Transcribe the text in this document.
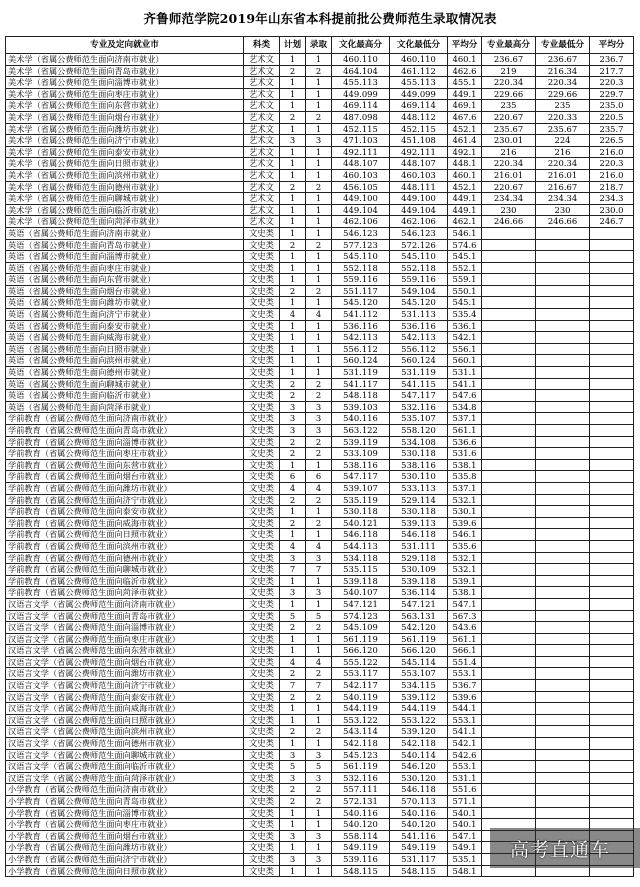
齐鲁师范学院2019年山东省本科提前批公费师范生录取情况表
专业及定向就业市	科类	计划	录取	文化最高分	文化最低分	平均分	专业最高分	专业最低分	平均分
美术学（省属公费师范生面向济南市就业）	艺术文	1	1	460.110	460.110	460.1	236.67	236.67	236.7
美术学（省属公费师范生面向青岛市就业）	艺术文	2	2	464.104	461.112	462.6	219	216.34	217.7
美术学（省属公费师范生面向淄博市就业）	艺术文	1	1	455.113	455.113	455.1	220.34	220.34	220.3
美术学（省属公费师范生面向枣庄市就业）	艺术文	1	1	449.099	449.099	449.1	229.66	229.66	229.7
美术学（省属公费师范生面向东营市就业）	艺术文	1	1	469.114	469.114	469.1	235	235	235.0
美术学（省属公费师范生面向烟台市就业）	艺术文	2	2	487.098	448.112	467.6	220.67	220.33	220.5
美术学（省属公费师范生面向潍坊市就业）	艺术文	1	1	452.115	452.115	452.1	235.67	235.67	235.7
美术学（省属公费师范生面向济宁市就业）	艺术文	3	3	471.103	451.108	461.4	230.01	224	226.5
美术学（省属公费师范生面向泰安市就业）	艺术文	1	1	492.111	492.111	492.1	216	216	216.0
美术学（省属公费师范生面向日照市就业）	艺术文	1	1	448.107	448.107	448.1	220.34	220.34	220.3
美术学（省属公费师范生面向滨州市就业）	艺术文	1	1	460.103	460.103	460.1	216.01	216.01	216.0
美术学（省属公费师范生面向德州市就业）	艺术文	2	2	456.105	448.111	452.1	220.67	216.67	218.7
美术学（省属公费师范生面向聊城市就业）	艺术文	1	1	449.100	449.100	449.1	234.34	234.34	234.3
美术学（省属公费师范生面向临沂市就业）	艺术文	1	1	449.104	449.104	449.1	230	230	230.0
美术学（省属公费师范生面向菏泽市就业）	艺术文	1	1	462.106	462.106	462.1	246.66	246.66	246.7
英语（省属公费师范生面向济南市就业）	文史类	1	1	546.123	546.123	546.1			
英语（省属公费师范生面向青岛市就业）	文史类	2	2	577.123	572.126	574.6			
英语（省属公费师范生面向淄博市就业）	文史类	1	1	545.110	545.110	545.1			
英语（省属公费师范生面向枣庄市就业）	文史类	1	1	552.118	552.118	552.1			
英语（省属公费师范生面向东营市就业）	文史类	1	1	559.116	559.116	559.1			
英语（省属公费师范生面向烟台市就业）	文史类	2	2	551.117	549.104	550.1			
英语（省属公费师范生面向潍坊市就业）	文史类	1	1	545.120	545.120	545.1			
英语（省属公费师范生面向济宁市就业）	文史类	4	4	541.112	531.113	535.4			
英语（省属公费师范生面向泰安市就业）	文史类	1	1	536.116	536.116	536.1			
英语（省属公费师范生面向威海市就业）	文史类	1	1	542.113	542.113	542.1			
英语（省属公费师范生面向日照市就业）	文史类	1	1	556.112	556.112	556.1			
英语（省属公费师范生面向滨州市就业）	文史类	1	1	560.124	560.124	560.1			
英语（省属公费师范生面向德州市就业）	文史类	1	1	531.119	531.119	531.1			
英语（省属公费师范生面向聊城市就业）	文史类	2	2	541.117	541.115	541.1			
英语（省属公费师范生面向临沂市就业）	文史类	2	2	548.118	547.117	547.6			
英语（省属公费师范生面向菏泽市就业）	文史类	3	3	539.103	532.116	534.8			
学前教育（省属公费师范生面向济南市就业）	文史类	3	3	540.116	535.107	537.1			
学前教育（省属公费师范生面向青岛市就业）	文史类	3	3	563.122	558.120	561.1			
学前教育（省属公费师范生面向淄博市就业）	文史类	2	2	539.119	534.108	536.6			
学前教育（省属公费师范生面向枣庄市就业）	文史类	2	2	533.109	530.118	531.6			
学前教育（省属公费师范生面向东营市就业）	文史类	1	1	538.116	538.116	538.1			
学前教育（省属公费师范生面向烟台市就业）	文史类	6	6	547.117	530.110	535.8			
学前教育（省属公费师范生面向潍坊市就业）	文史类	4	4	539.107	533.113	537.1			
学前教育（省属公费师范生面向济宁市就业）	文史类	2	2	535.119	529.114	532.1			
学前教育（省属公费师范生面向泰安市就业）	文史类	1	1	530.118	530.118	530.1			
学前教育（省属公费师范生面向威海市就业）	文史类	2	2	540.121	539.113	539.6			
学前教育（省属公费师范生面向日照市就业）	文史类	1	1	546.118	546.118	546.1			
学前教育（省属公费师范生面向滨州市就业）	文史类	4	4	544.113	531.111	535.6			
学前教育（省属公费师范生面向德州市就业）	文史类	3	3	534.118	529.118	532.1			
学前教育（省属公费师范生面向聊城市就业）	文史类	7	7	535.115	530.109	532.1			
学前教育（省属公费师范生面向临沂市就业）	文史类	1	1	539.118	539.118	539.1			
学前教育（省属公费师范生面向菏泽市就业）	文史类	3	3	540.107	536.114	538.1			
汉语言文学（省属公费师范生面向济南市就业）	文史类	1	1	547.121	547.121	547.1			
汉语言文学（省属公费师范生面向青岛市就业）	文史类	5	5	574.123	563.131	567.3			
汉语言文学（省属公费师范生面向淄博市就业）	文史类	2	2	545.109	542.120	543.6			
汉语言文学（省属公费师范生面向枣庄市就业）	文史类	1	1	561.119	561.119	561.1			
汉语言文学（省属公费师范生面向东营市就业）	文史类	1	1	566.120	566.120	566.1			
汉语言文学（省属公费师范生面向烟台市就业）	文史类	4	4	555.122	545.114	551.4			
汉语言文学（省属公费师范生面向潍坊市就业）	文史类	2	2	553.117	553.107	553.1			
汉语言文学（省属公费师范生面向济宁市就业）	文史类	7	7	542.117	534.115	536.7			
汉语言文学（省属公费师范生面向泰安市就业）	文史类	2	2	540.119	539.112	539.6			
汉语言文学（省属公费师范生面向威海市就业）	文史类	1	1	544.119	544.119	544.1			
汉语言文学（省属公费师范生面向日照市就业）	文史类	1	1	553.122	553.122	553.1			
汉语言文学（省属公费师范生面向滨州市就业）	文史类	2	2	543.114	539.120	541.1			
汉语言文学（省属公费师范生面向德州市就业）	文史类	1	1	542.118	542.118	542.1			
汉语言文学（省属公费师范生面向聊城市就业）	文史类	3	3	545.123	540.114	542.6			
汉语言文学（省属公费师范生面向临沂市就业）	文史类	5	5	561.119	546.120	553.1			
汉语言文学（省属公费师范生面向菏泽市就业）	文史类	3	3	532.116	530.120	531.1			
小学教育（省属公费师范生面向济南市就业）	文史类	2	2	557.111	546.118	551.6			
小学教育（省属公费师范生面向青岛市就业）	文史类	2	2	572.131	570.113	571.1			
小学教育（省属公费师范生面向淄博市就业）	文史类	1	1	540.116	540.116	540.1			
小学教育（省属公费师范生面向枣庄市就业）	文史类	1	1	540.120	540.120	540.1			
小学教育（省属公费师范生面向烟台市就业）	文史类	3	3	558.114	541.116	547.1			
小学教育（省属公费师范生面向潍坊市就业）	文史类	1	1	549.119	549.119	549.1			
小学教育（省属公费师范生面向济宁市就业）	文史类	3	3	539.116	531.117	535.1			
小学教育（省属公费师范生面向日照市就业）	文史类	1	1	548.115	548.115	548.1			
高考直通车
